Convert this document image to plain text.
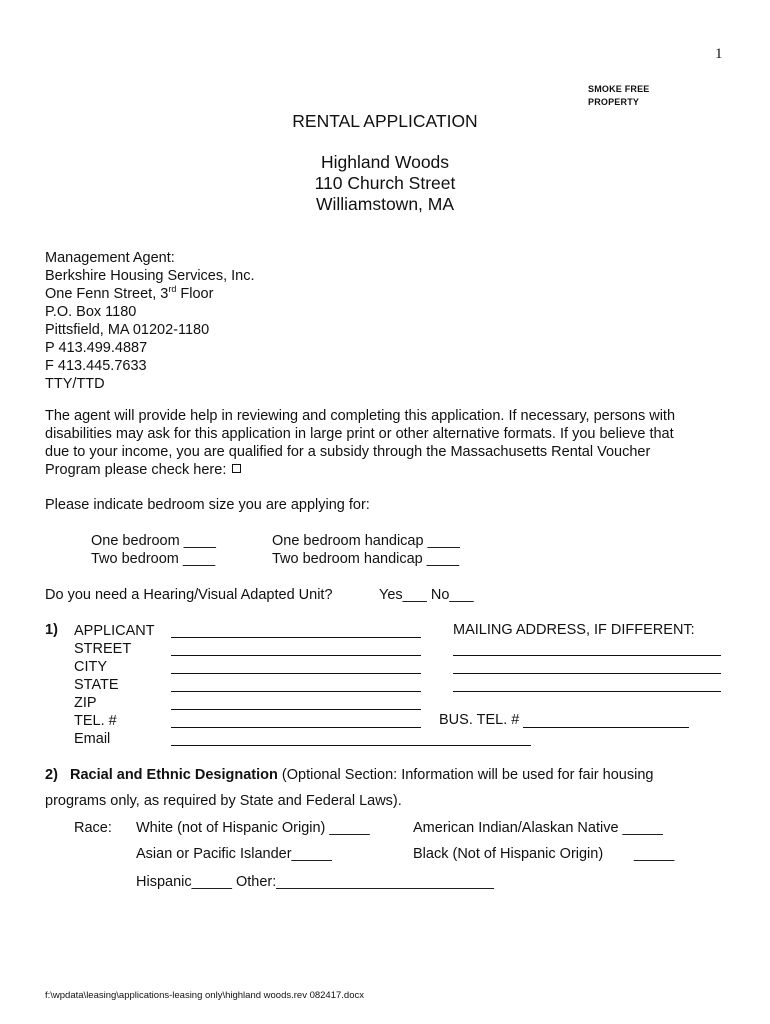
1
SMOKE FREE
PROPERTY
RENTAL APPLICATION
Highland Woods
110 Church Street
Williamstown, MA
Management Agent:
Berkshire Housing Services, Inc.
One Fenn Street, 3rd Floor
P.O. Box 1180
Pittsfield, MA 01202-1180
P 413.499.4887
F 413.445.7633
TTY/TTD
The agent will provide help in reviewing and completing this application. If necessary, persons with
disabilities may ask for this application in large print or other alternative formats. If you believe that
due to your income, you are qualified for a subsidy through the Massachusetts Rental Voucher
Program please check here:
Please indicate bedroom size you are applying for:
One bedroom ____
Two bedroom ____
One bedroom handicap ____
Two bedroom handicap ____
Do you need a Hearing/Visual Adapted Unit?	Yes___ No___
1) APPLICANT
STREET
CITY
STATE
ZIP
TEL. #
Email
MAILING ADDRESS, IF DIFFERENT:
BUS. TEL. #
2) Racial and Ethnic Designation (Optional Section: Information will be used for fair housing
programs only, as required by State and Federal Laws).
Race: White (not of Hispanic Origin) _____
Asian or Pacific Islander_____
Hispanic_____ Other:___________________________
American Indian/Alaskan Native _____
Black (Not of Hispanic Origin) _____
f:\wpdata\leasing\applications-leasing only\highland woods.rev 082417.docx
